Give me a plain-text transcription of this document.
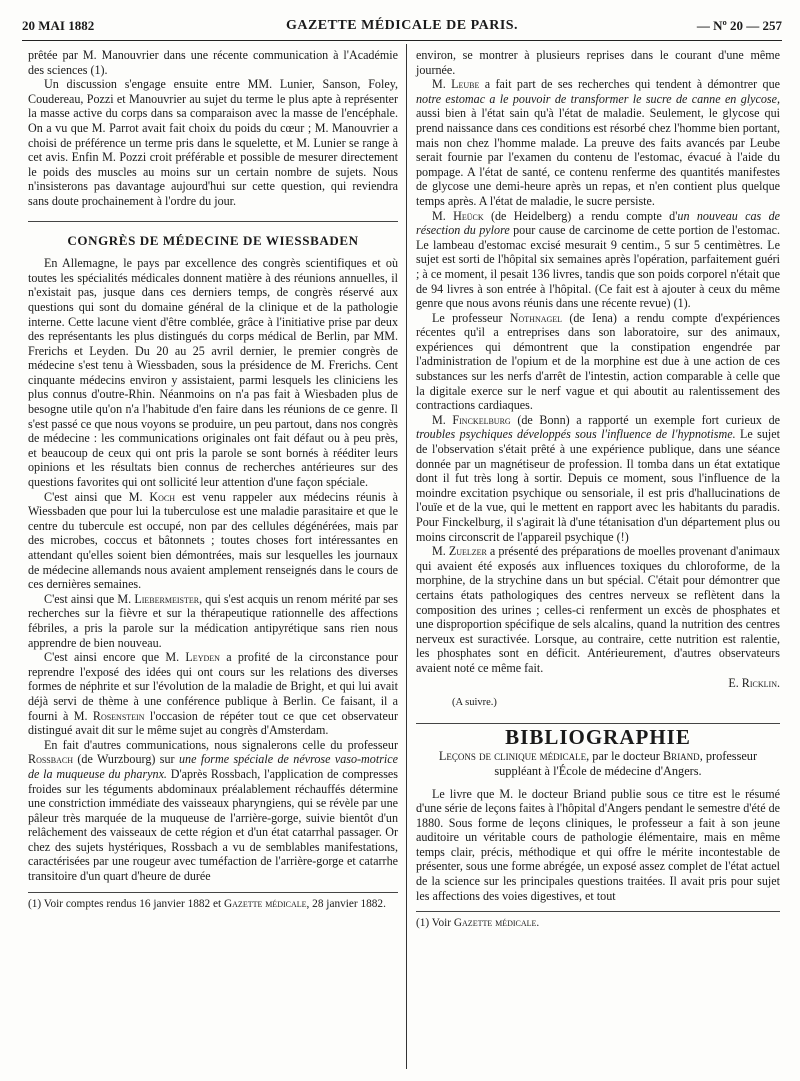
20 MAI 1882	GAZETTE MÉDICALE DE PARIS.	— Nº 20 — 257

prêtée par M. Manouvrier dans une récente communication à l'Académie des sciences (1).

Un discussion s'engage ensuite entre MM. Lunier, Sanson, Foley, Coudereau, Pozzi et Manouvrier au sujet du terme le plus apte à représenter la masse active du corps dans sa comparaison avec la masse de l'encéphale. On a vu que M. Parrot avait fait choix du poids du cœur ; M. Manouvrier a choisi de préférence un terme pris dans le squelette, et M. Lunier se range à cet avis. Enfin M. Pozzi croit préférable et possible de mesurer directement le poids des muscles au moins sur un certain nombre de sujets. Nous n'insisterons pas davantage aujourd'hui sur cette question, qui reviendra sans doute prochainement à l'ordre du jour.

CONGRÈS DE MÉDECINE DE WIESSBADEN

En Allemagne, le pays par excellence des congrès scientifiques et où toutes les spécialités médicales donnent matière à des réunions annuelles, il n'existait pas, jusque dans ces derniers temps, de congrès réservé aux questions qui sont du domaine général de la clinique et de la pathologie interne. Cette lacune vient d'être comblée, grâce à l'initiative prise par deux des représentants les plus distingués du corps médical de Berlin, par MM. Frerichs et Leyden. Du 20 au 25 avril dernier, le premier congrès de médecine s'est tenu à Wiessbaden, sous la présidence de M. Frerichs. Cent cinquante médecins environ y assistaient, parmi lesquels les cliniciens les plus connus d'outre-Rhin. Néanmoins on n'a pas fait à Wiesbaden plus de besogne utile qu'on n'a l'habitude d'en faire dans les réunions de ce genre. Il s'est passé ce que nous voyons se produire, un peu partout, dans nos congrès de médecine : les communications originales ont fait défaut ou à peu près, et beaucoup de ceux qui ont pris la parole se sont bornés à rééditer leurs opinions et les résultats bien connus de recherches antérieures sur des questions favorites qui ont sollicité leur attention d'une façon spéciale.

C'est ainsi que M. Koch est venu rappeler aux médecins réunis à Wiessbaden que pour lui la tuberculose est une maladie parasitaire et que le centre du tubercule est occupé, non par des cellules dégénérées, mais par des microbes, coccus et bâtonnets ; toutes choses fort intéressantes en attendant qu'elles soient bien démontrées, mais sur lesquelles les journaux de médecine allemands nous avaient amplement renseignés dans le cours de ces dernières semaines.

C'est ainsi que M. Liebermeister, qui s'est acquis un renom mérité par ses recherches sur la fièvre et sur la thérapeutique rationnelle des affections fébriles, a pris la parole sur la médication antipyrétique sans rien nous apprendre de bien nouveau.

C'est ainsi encore que M. Leyden a profité de la circonstance pour reprendre l'exposé des idées qui ont cours sur les relations des diverses formes de néphrite et sur l'évolution de la maladie de Bright, et qui lui avait déjà servi de thème à une conférence publique à Berlin. Ce faisant, il a fourni à M. Rosenstein l'occasion de répéter tout ce que cet observateur distingué avait dit sur le même sujet au congrès d'Amsterdam.

En fait d'autres communications, nous signalerons celle du professeur Rossbach (de Wurzbourg) sur une forme spéciale de névrose vaso-motrice de la muqueuse du pharynx. D'après Rossbach, l'application de compresses froides sur les téguments abdominaux préalablement réchauffés détermine une constriction immédiate des vaisseaux pharyngiens, qui se révèle par une pâleur très marquée de la muqueuse de l'arrière-gorge, suivie bientôt d'un relâchement des vaisseaux de cette région et d'un état catarrhal passager. Or chez des sujets hystériques, Rossbach a vu de semblables manifestations, caractérisées par une rougeur avec tuméfaction de l'arrière-gorge et catarrhe transitoire d'un quart d'heure de durée

(1) Voir comptes rendus 16 janvier 1882 et Gazette médicale, 28 janvier 1882.

environ, se montrer à plusieurs reprises dans le courant d'une même journée.

M. Leube a fait part de ses recherches qui tendent à démontrer que notre estomac a le pouvoir de transformer le sucre de canne en glycose, aussi bien à l'état sain qu'à l'état de maladie. Seulement, le glycose qui prend naissance dans ces conditions est résorbé chez l'homme bien portant, mais non chez l'homme malade. La preuve des faits avancés par Leube serait fournie par l'examen du contenu de l'estomac, évacué à l'aide du pompage. A l'état de santé, ce contenu renferme des quantités manifestes de glycose une demi-heure après un repas, et n'en contient plus quelque temps après. A l'état de maladie, le sucre persiste.

M. Heück (de Heidelberg) a rendu compte d'un nouveau cas de résection du pylore pour cause de carcinome de cette portion de l'estomac. Le lambeau d'estomac excisé mesurait 9 centim., 5 sur 5 centimètres. Le sujet est sorti de l'hôpital six semaines après l'opération, parfaitement guéri ; à ce moment, il pesait 136 livres, tandis que son poids corporel n'était que de 94 livres à son entrée à l'hôpital. (Ce fait est à ajouter à ceux du même genre que nous avons réunis dans une récente revue) (1).

Le professeur Nothnagel (de Iena) a rendu compte d'expériences récentes qu'il a entreprises dans son laboratoire, sur des animaux, expériences qui démontrent que la constipation engendrée par l'administration de l'opium et de la morphine est due à une action de ces substances sur les nerfs d'arrêt de l'intestin, action comparable à celle que la digitale exerce sur le nerf vague et qui aboutit au ralentissement des contractions cardiaques.

M. Finckelburg (de Bonn) a rapporté un exemple fort curieux de troubles psychiques développés sous l'influence de l'hypnotisme. Le sujet de l'observation s'était prêté à une expérience publique, dans une séance donnée par un magnétiseur de profession. Il tomba dans un état extatique dont il fut très long à sortir. Depuis ce moment, sous l'influence de la moindre excitation psychique ou sensoriale, il est pris d'hallucinations de l'ouïe et de la vue, qui le mettent en rapport avec les habitants du paradis. Pour Finckelburg, il s'agirait là d'une tétanisation d'un département plus ou moins circonscrit de l'appareil psychique (!)

M. Zuelzer a présenté des préparations de moelles provenant d'animaux qui avaient été exposés aux influences toxiques du chloroforme, de la morphine, de la strychine dans un but spécial. C'était pour démontrer que certains états pathologiques des centres nerveux se reflètent dans la composition des urines ; celles-ci renferment un excès de phosphates et une disproportion spécifique de sels alcalins, quand la nutrition des centres nerveux est suractivée. Lorsque, au contraire, cette nutrition est ralentie, les phosphates sont en déficit. Antérieurement, d'autres observateurs avaient noté ce même fait.

E. Ricklin.

(A suivre.)

BIBLIOGRAPHIE

Leçons de clinique médicale, par le docteur Briand, professeur suppléant à l'École de médecine d'Angers.

Le livre que M. le docteur Briand publie sous ce titre est le résumé d'une série de leçons faites à l'hôpital d'Angers pendant le semestre d'été de 1880. Sous forme de leçons cliniques, le professeur a fait à son jeune auditoire un véritable cours de pathologie élémentaire, mais en même temps clair, précis, méthodique et qui offre le mérite incontestable de présenter, sous une forme abrégée, un exposé assez complet de l'état actuel de la science sur les principales questions traitées. Il avait pris pour sujet les affections des voies digestives, et tout

(1) Voir Gazette médicale.
